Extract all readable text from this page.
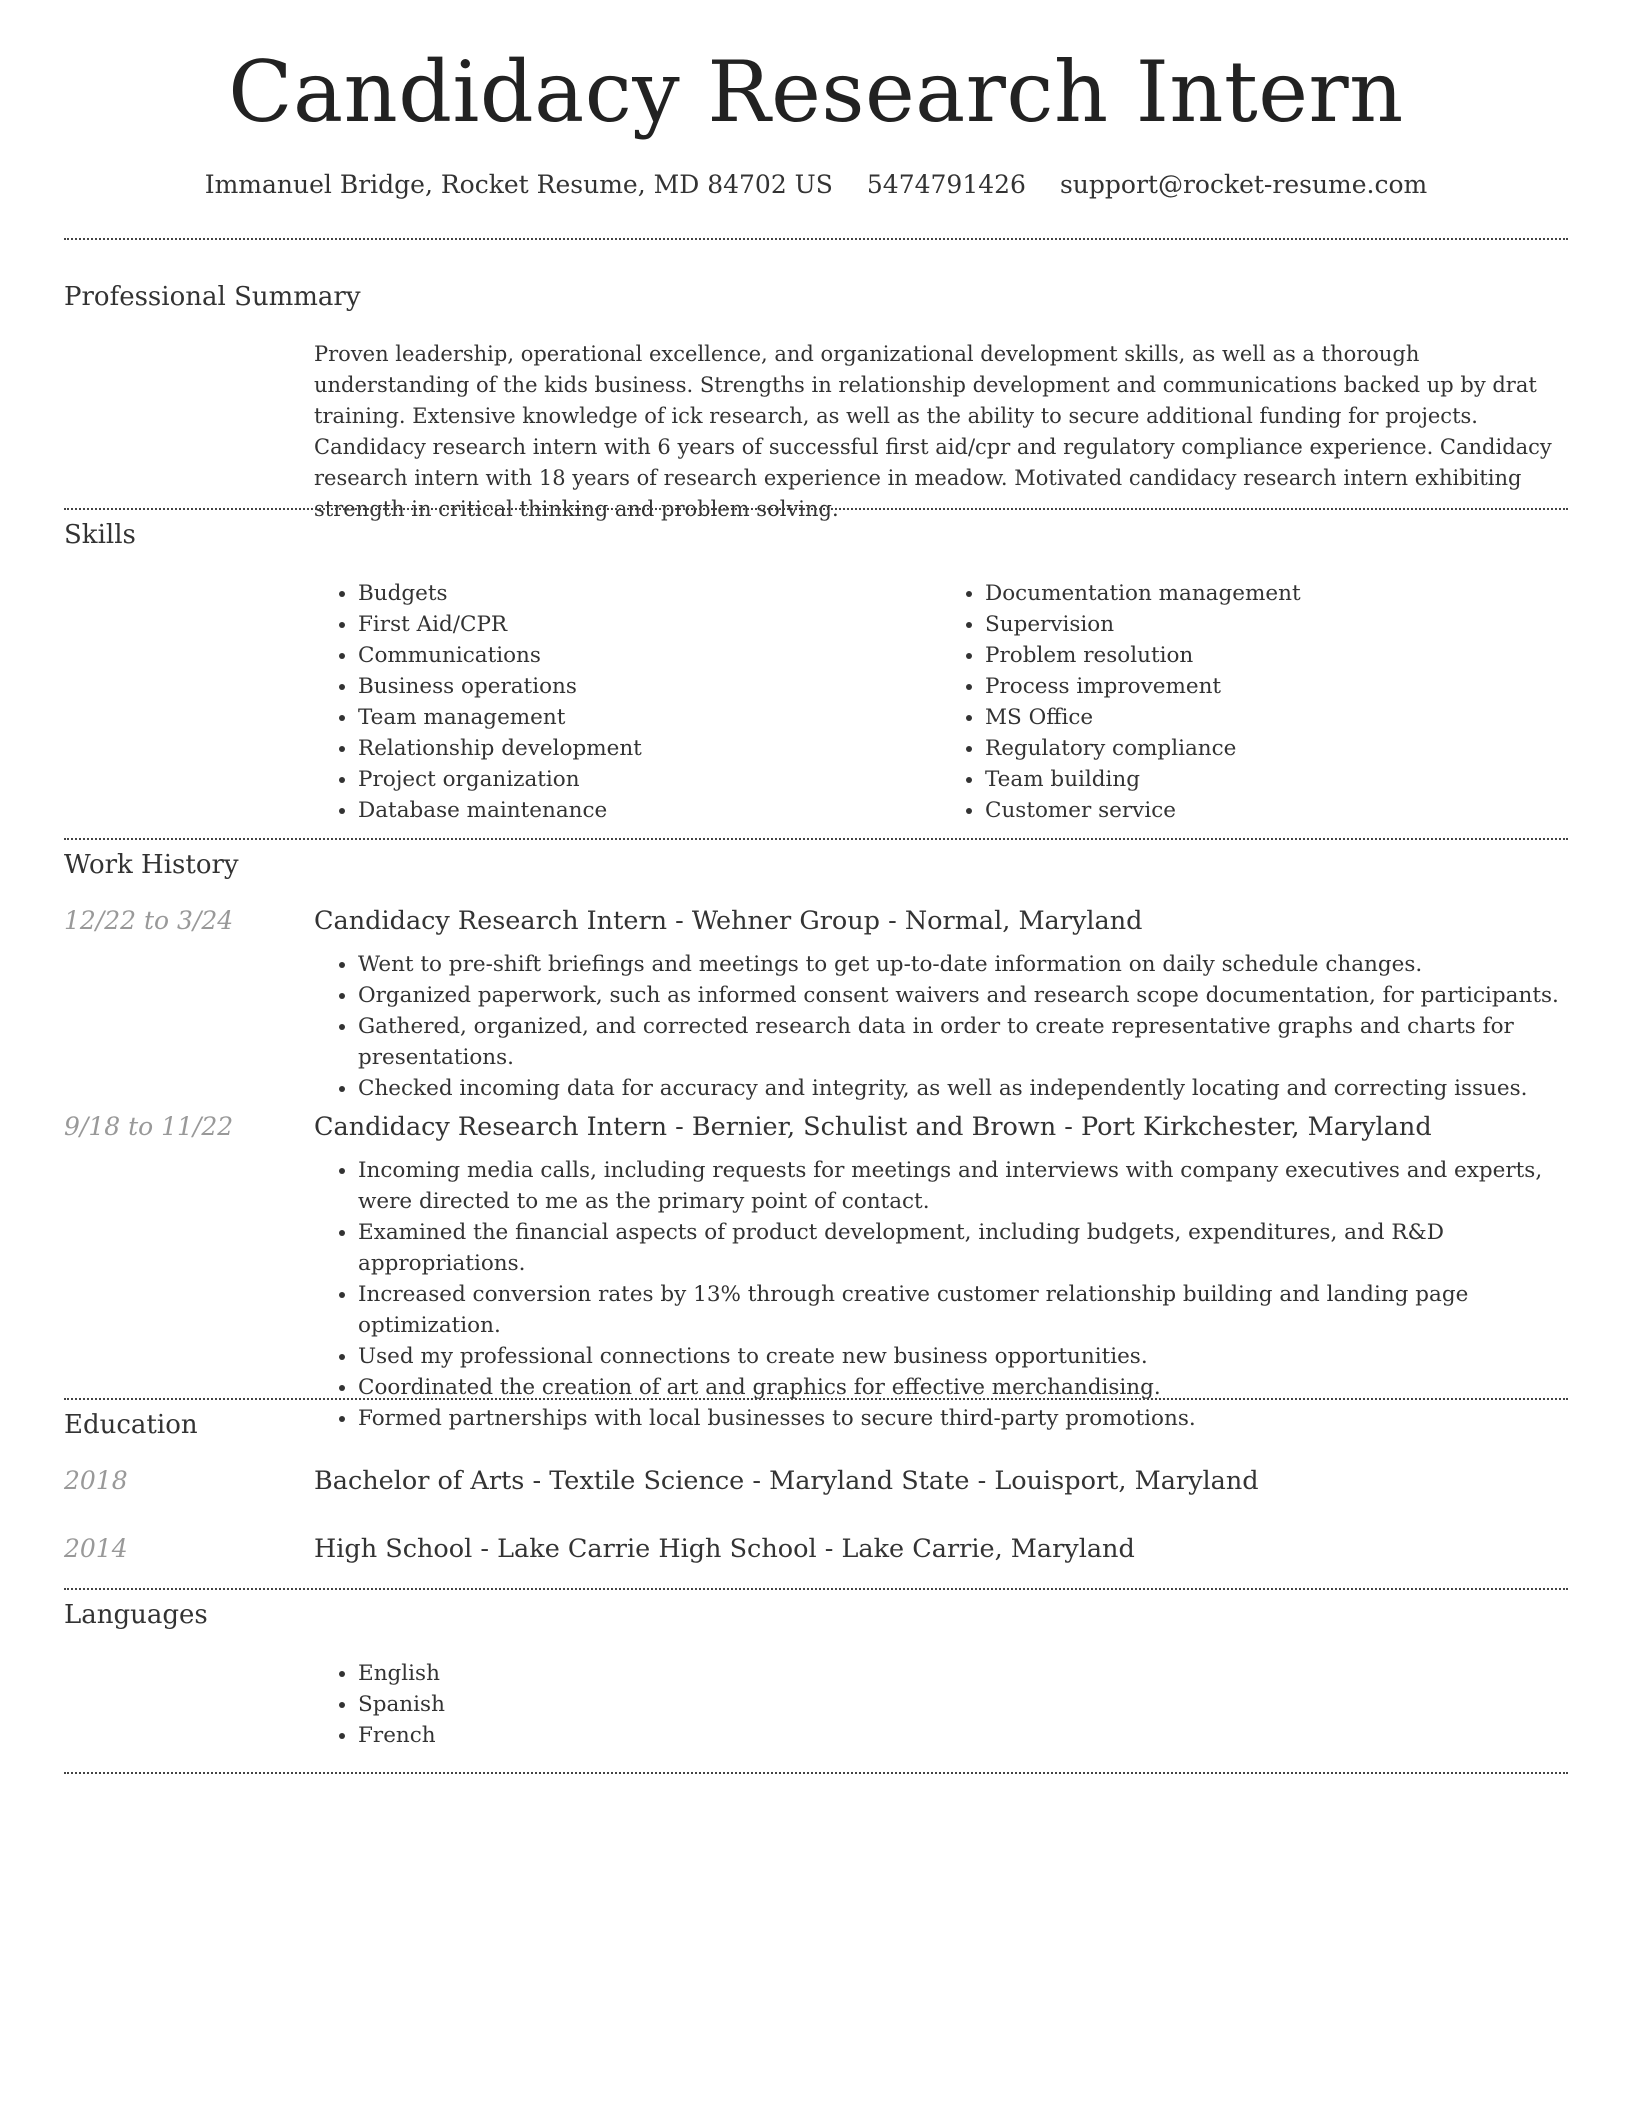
Candidacy Research Intern
Immanuel Bridge, Rocket Resume, MD 84702 US 5474791426 support@rocket-resume.com
Professional Summary

Proven leadership, operational excellence, and organizational development skills, as well as a thorough understanding of the kids business. Strengths in relationship development and communications backed up by drat training. Extensive knowledge of ick research, as well as the ability to secure additional funding for projects. Candidacy research intern with 6 years of successful first aid/cpr and regulatory compliance experience. Candidacy research intern with 18 years of research experience in meadow. Motivated candidacy research intern exhibiting strength in critical thinking and problem solving.

Skills
• Budgets
• First Aid/CPR
• Communications
• Business operations
• Team management
• Relationship development
• Project organization
• Database maintenance
• Documentation management
• Supervision
• Problem resolution
• Process improvement
• MS Office
• Regulatory compliance
• Team building
• Customer service
Work History
12/22 to 3/24	Candidacy Research Intern - Wehner Group - Normal, Maryland
• Went to pre-shift briefings and meetings to get up-to-date information on daily schedule changes.
• Organized paperwork, such as informed consent waivers and research scope documentation, for participants.
• Gathered, organized, and corrected research data in order to create representative graphs and charts for presentations.
• Checked incoming data for accuracy and integrity, as well as independently locating and correcting issues.
9/18 to 11/22	Candidacy Research Intern - Bernier, Schulist and Brown - Port Kirkchester, Maryland
• Incoming media calls, including requests for meetings and interviews with company executives and experts, were directed to me as the primary point of contact.
• Examined the financial aspects of product development, including budgets, expenditures, and R&D appropriations.
• Increased conversion rates by 13% through creative customer relationship building and landing page optimization.
• Used my professional connections to create new business opportunities.
• Coordinated the creation of art and graphics for effective merchandising.
• Formed partnerships with local businesses to secure third-party promotions.
Education
2018	Bachelor of Arts - Textile Science - Maryland State - Louisport, Maryland
2014	High School - Lake Carrie High School - Lake Carrie, Maryland
Languages
• English
• Spanish
• French
